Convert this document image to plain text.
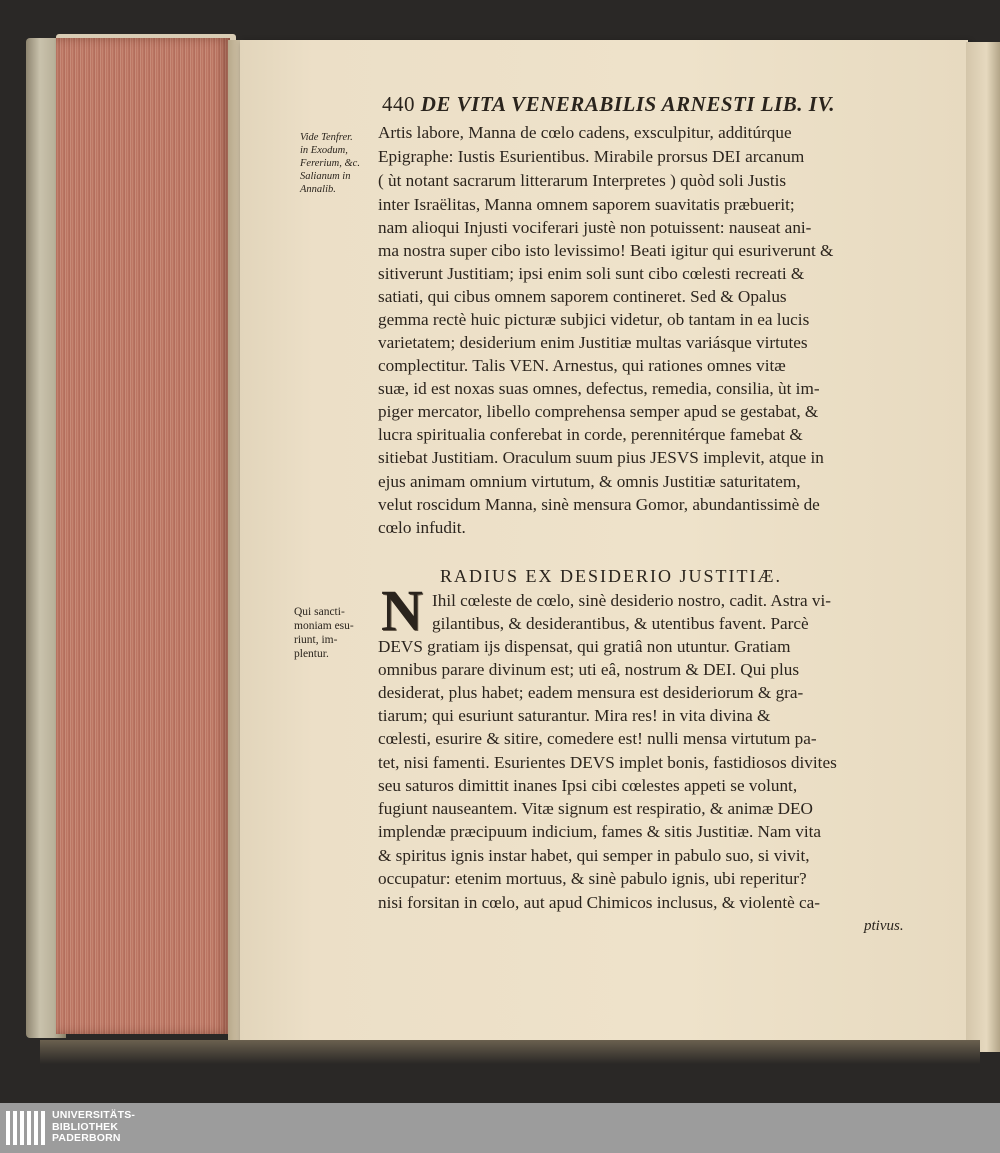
440 DE VITA VENERABILIS ARNESTI LIB. IV.
Vide Tenfrer.
in Exodum,
Fererium, &c.
Salianum in
Annalib.
Qui sancti-
moniam esu-
riunt, im-
plentur.
Artis labore, Manna de cœlo cadens, exsculpitur, additúrque
Epigraphe: Iustis Esurientibus. Mirabile prorsus DEI arcanum
( ùt notant sacrarum litterarum Interpretes ) quòd soli Justis
inter Israëlitas, Manna omnem saporem suavitatis præbuerit;
nam alioqui Injusti vociferari justè non potuissent: nauseat ani-
ma nostra super cibo isto levissimo! Beati igitur qui esuriverunt &
sitiverunt Justitiam; ipsi enim soli sunt cibo cœlesti recreati &
satiati, qui cibus omnem saporem contineret. Sed & Opalus
gemma rectè huic picturæ subjici videtur, ob tantam in ea lucis
varietatem; desiderium enim Justitiæ multas variásque virtutes
complectitur. Talis VEN. Arnestus, qui rationes omnes vitæ
suæ, id est noxas suas omnes, defectus, remedia, consilia, ùt im-
piger mercator, libello comprehensa semper apud se gestabat, &
lucra spiritualia conferebat in corde, perennitérque famebat &
sitiebat Justitiam. Oraculum suum pius JESVS implevit, atque in
ejus animam omnium virtutum, & omnis Justitiæ saturitatem,
velut roscidum Manna, sinè mensura Gomor, abundantissimè de
cœlo infudit.
RADIUS EX DESIDERIO JUSTITIÆ.
N Ihil cœleste de cœlo, sinè desiderio nostro, cadit. Astra vi-
gilantibus, & desiderantibus, & utentibus favent. Parcè
DEVS gratiam ijs dispensat, qui gratiâ non utuntur. Gratiam
omnibus parare divinum est; uti eâ, nostrum & DEI. Qui plus
desiderat, plus habet; eadem mensura est desideriorum & gra-
tiarum; qui esuriunt saturantur. Mira res! in vita divina &
cœlesti, esurire & sitire, comedere est! nulli mensa virtutum pa-
tet, nisi famenti. Esurientes DEVS implet bonis, fastidiosos divites
seu saturos dimittit inanes Ipsi cibi cœlestes appeti se volunt,
fugiunt nauseantem. Vitæ signum est respiratio, & animæ DEO
implendæ præcipuum indicium, fames & sitis Justitiæ. Nam vita
& spiritus ignis instar habet, qui semper in pabulo suo, si vivit,
occupatur: etenim mortuus, & sinè pabulo ignis, ubi reperitur?
nisi forsitan in cœlo, aut apud Chimicos inclusus, & violentè ca-
ptivus.
UNIVERSITÄTS-
BIBLIOTHEK
PADERBORN
